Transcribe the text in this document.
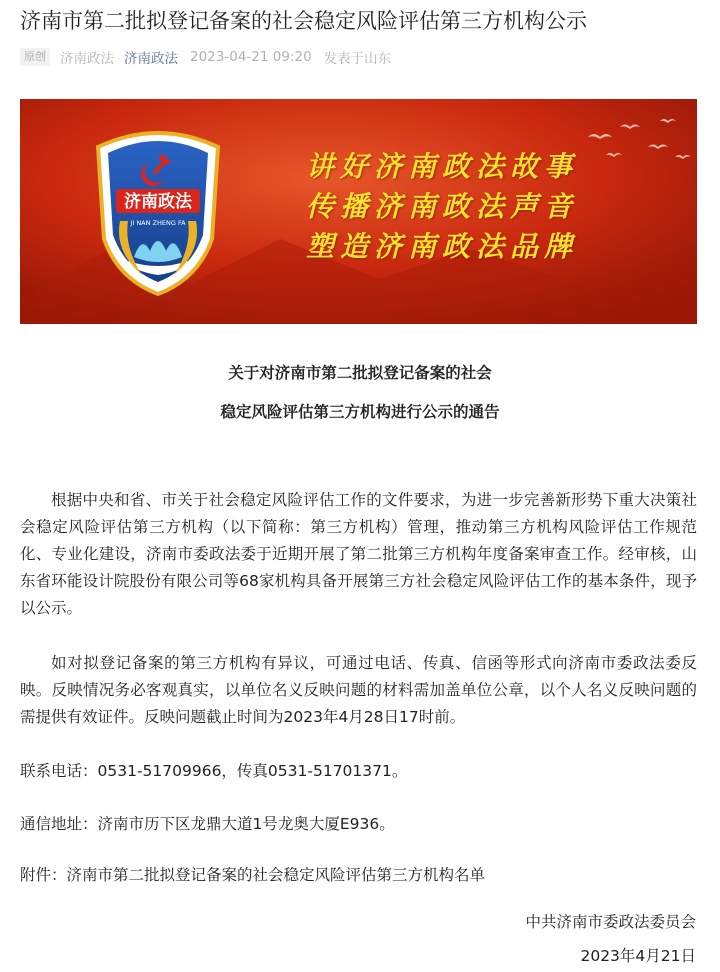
济南市第二批拟登记备案的社会稳定风险评估第三方机构公示
原创 济南政法 济南政法 2023-04-21 09:20 发表于山东
济南政法
JI NAN ZHENG FA
讲好济南政法故事
传播济南政法声音
塑造济南政法品牌
关于对济南市第二批拟登记备案的社会
稳定风险评估第三方机构进行公示的通告

根据中央和省、市关于社会稳定风险评估工作的文件要求，为进一步完善新形势下重大决策社会稳定风险评估第三方机构（以下简称：第三方机构）管理，推动第三方机构风险评估工作规范化、专业化建设，济南市委政法委于近期开展了第二批第三方机构年度备案审查工作。经审核，山东省环能设计院股份有限公司等68家机构具备开展第三方社会稳定风险评估工作的基本条件，现予以公示。

如对拟登记备案的第三方机构有异议，可通过电话、传真、信函等形式向济南市委政法委反映。反映情况务必客观真实，以单位名义反映问题的材料需加盖单位公章，以个人名义反映问题的需提供有效证件。反映问题截止时间为2023年4月28日17时前。

联系电话：0531-51709966，传真0531-51701371。

通信地址：济南市历下区龙鼎大道1号龙奥大厦E936。

附件：济南市第二批拟登记备案的社会稳定风险评估第三方机构名单

中共济南市委政法委员会
2023年4月21日
